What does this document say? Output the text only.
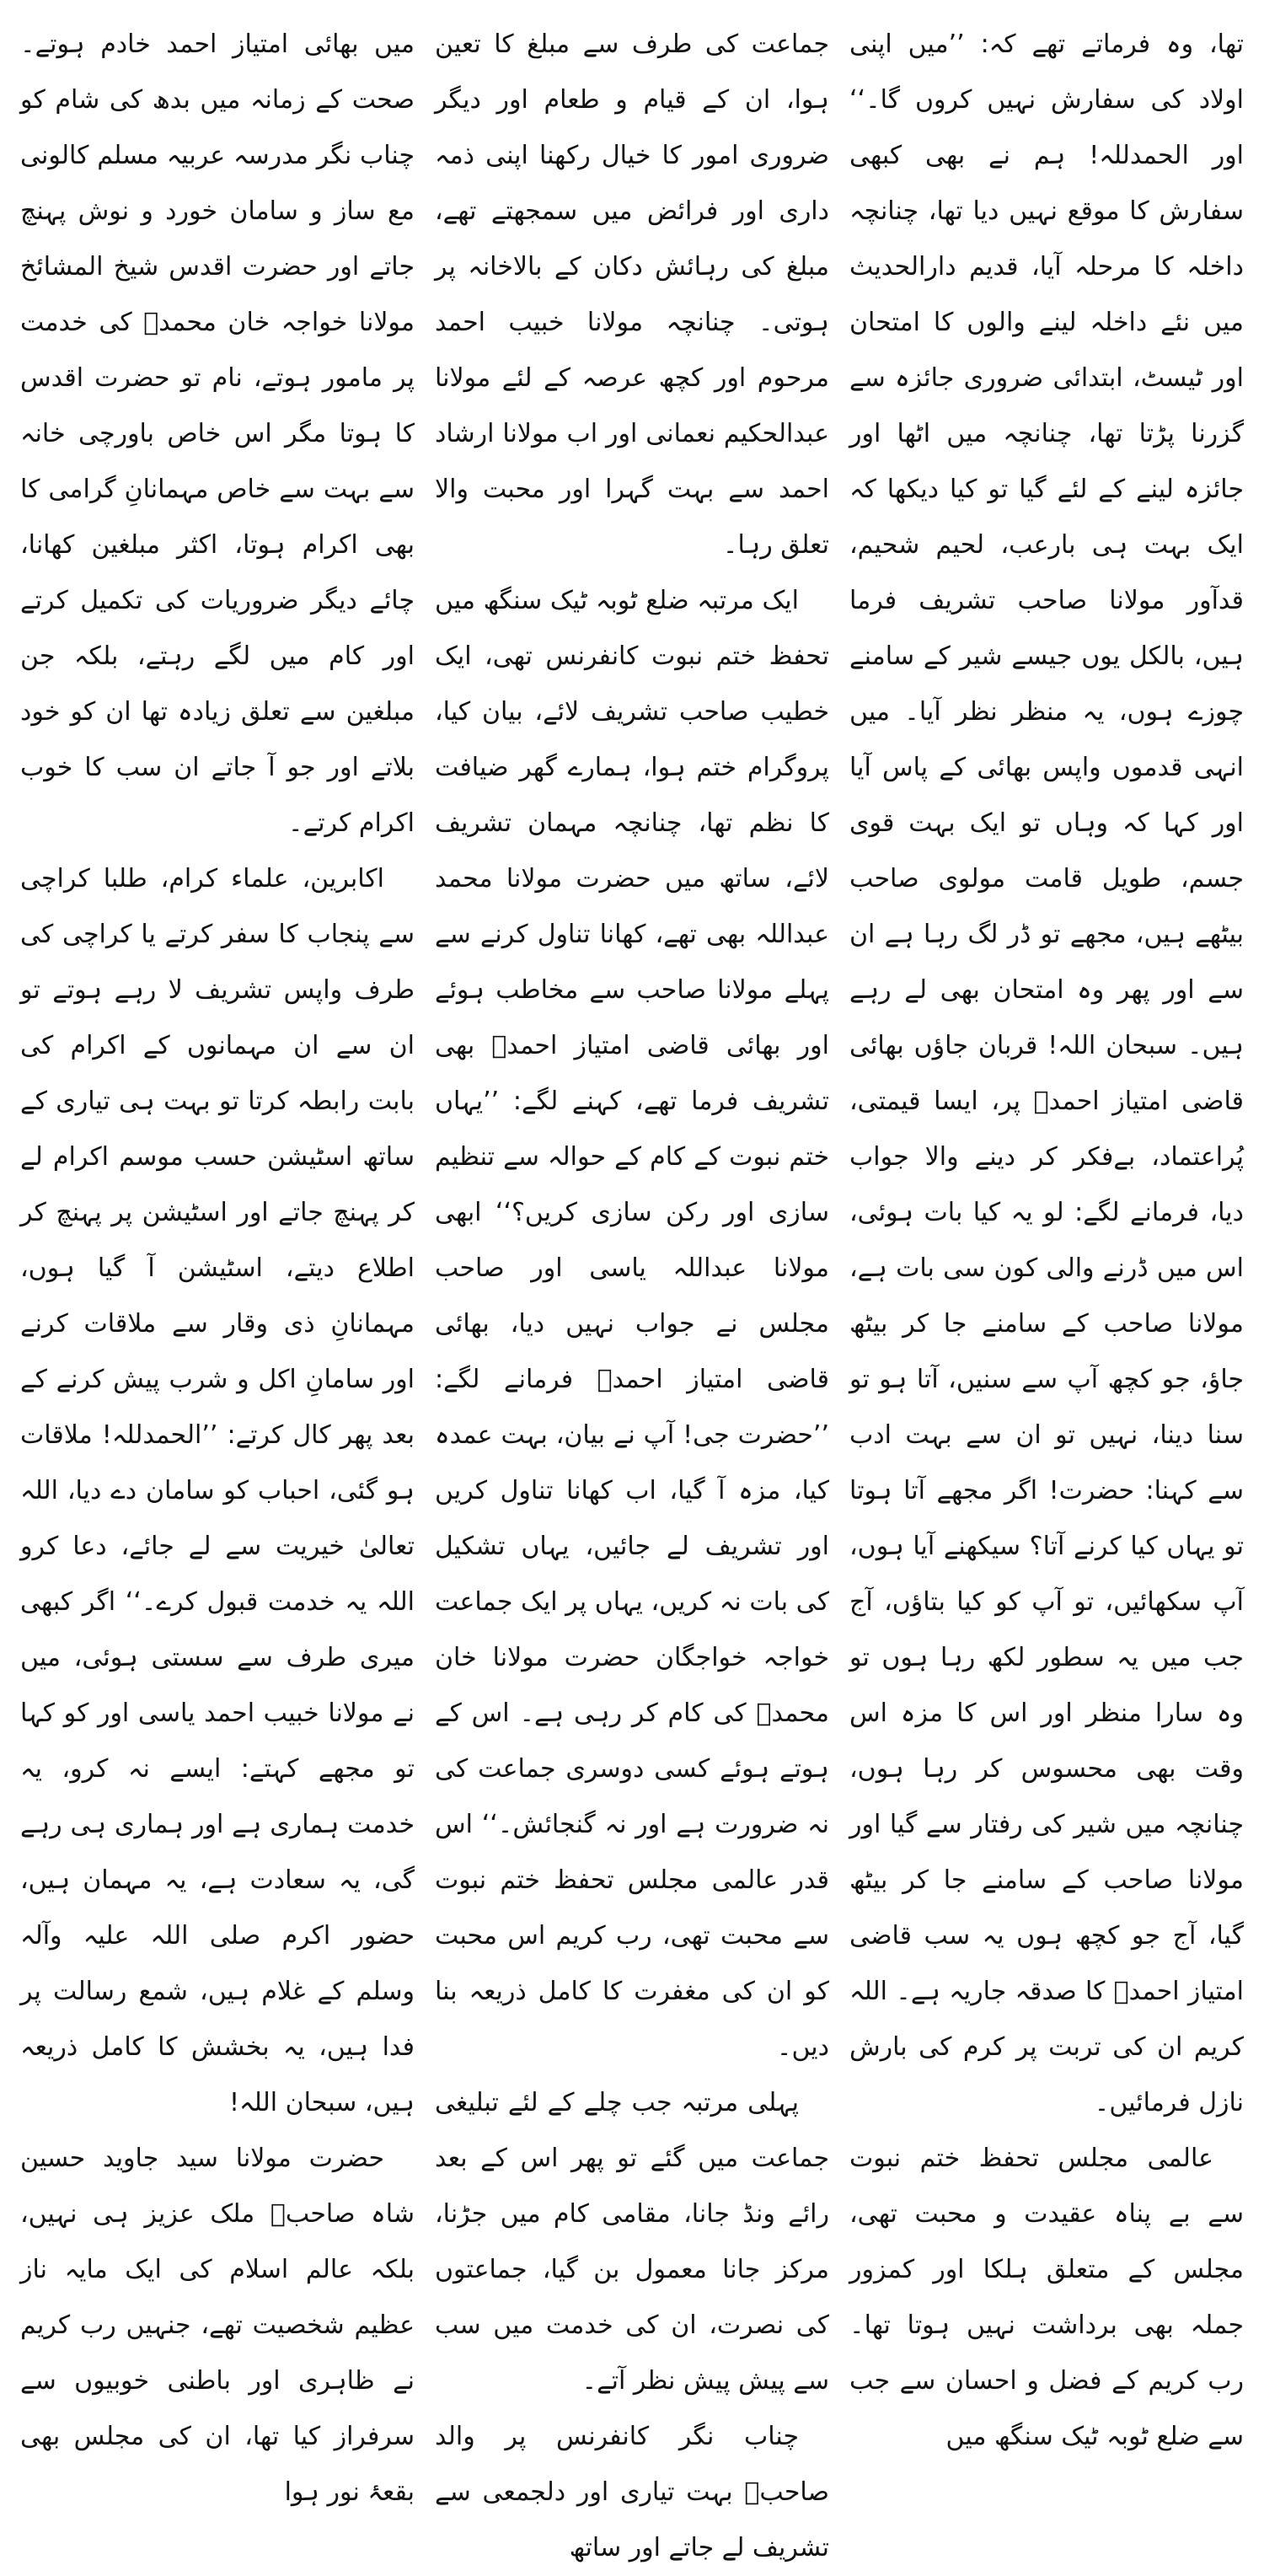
تھا، وہ فرماتے تھے کہ: ’’میں اپنی اولاد کی سفارش نہیں کروں گا۔‘‘ اور الحمدللہ! ہم نے بھی کبھی سفارش کا موقع نہیں دیا تھا، چنانچہ داخلہ کا مرحلہ آیا، قدیم دارالحدیث میں نئے داخلہ لینے والوں کا امتحان اور ٹیسٹ، ابتدائی ضروری جائزہ سے گزرنا پڑتا تھا، چنانچہ میں اٹھا اور جائزہ لینے کے لئے گیا تو کیا دیکھا کہ ایک بہت ہی بارعب، لحیم شحیم، قدآور مولانا صاحب تشریف فرما ہیں، بالکل یوں جیسے شیر کے سامنے چوزے ہوں، یہ منظر نظر آیا۔ میں انہی قدموں واپس بھائی کے پاس آیا اور کہا کہ وہاں تو ایک بہت قوی جسم، طویل قامت مولوی صاحب بیٹھے ہیں، مجھے تو ڈر لگ رہا ہے ان سے اور پھر وہ امتحان بھی لے رہے ہیں۔ سبحان اللہ! قربان جاؤں بھائی قاضی امتیاز احمدؒ پر، ایسا قیمتی، پُراعتماد، بےفکر کر دینے والا جواب دیا، فرمانے لگے: لو یہ کیا بات ہوئی، اس میں ڈرنے والی کون سی بات ہے، مولانا صاحب کے سامنے جا کر بیٹھ جاؤ، جو کچھ آپ سے سنیں، آتا ہو تو سنا دینا، نہیں تو ان سے بہت ادب سے کہنا: حضرت! اگر مجھے آتا ہوتا تو یہاں کیا کرنے آتا؟ سیکھنے آیا ہوں، آپ سکھائیں، تو آپ کو کیا بتاؤں، آج جب میں یہ سطور لکھ رہا ہوں تو وہ سارا منظر اور اس کا مزہ اس وقت بھی محسوس کر رہا ہوں، چنانچہ میں شیر کی رفتار سے گیا اور مولانا صاحب کے سامنے جا کر بیٹھ گیا، آج جو کچھ ہوں یہ سب قاضی امتیاز احمدؒ کا صدقہ جاریہ ہے۔ اللہ کریم ان کی تربت پر کرم کی بارش نازل فرمائیں۔

عالمی مجلس تحفظ ختم نبوت سے بے پناہ عقیدت و محبت تھی، مجلس کے متعلق ہلکا اور کمزور جملہ بھی برداشت نہیں ہوتا تھا۔ رب کریم کے فضل و احسان سے جب سے ضلع ٹوبہ ٹیک سنگھ میں

جماعت کی طرف سے مبلغ کا تعین ہوا، ان کے قیام و طعام اور دیگر ضروری امور کا خیال رکھنا اپنی ذمہ داری اور فرائض میں سمجھتے تھے، مبلغ کی رہائش دکان کے بالاخانہ پر ہوتی۔ چنانچہ مولانا خبیب احمد مرحوم اور کچھ عرصہ کے لئے مولانا عبدالحکیم نعمانی اور اب مولانا ارشاد احمد سے بہت گہرا اور محبت والا تعلق رہا۔

ایک مرتبہ ضلع ٹوبہ ٹیک سنگھ میں تحفظ ختم نبوت کانفرنس تھی، ایک خطیب صاحب تشریف لائے، بیان کیا، پروگرام ختم ہوا، ہمارے گھر ضیافت کا نظم تھا، چنانچہ مہمان تشریف لائے، ساتھ میں حضرت مولانا محمد عبداللہ بھی تھے، کھانا تناول کرنے سے پہلے مولانا صاحب سے مخاطب ہوئے اور بھائی قاضی امتیاز احمدؒ بھی تشریف فرما تھے، کہنے لگے: ’’یہاں ختم نبوت کے کام کے حوالہ سے تنظیم سازی اور رکن سازی کریں؟‘‘ ابھی مولانا عبداللہ یاسی اور صاحب مجلس نے جواب نہیں دیا، بھائی قاضی امتیاز احمدؒ فرمانے لگے: ’’حضرت جی! آپ نے بیان، بہت عمدہ کیا، مزہ آ گیا، اب کھانا تناول کریں اور تشریف لے جائیں، یہاں تشکیل کی بات نہ کریں، یہاں پر ایک جماعت خواجہ خواجگان حضرت مولانا خان محمدؒ کی کام کر رہی ہے۔ اس کے ہوتے ہوئے کسی دوسری جماعت کی نہ ضرورت ہے اور نہ گنجائش۔‘‘ اس قدر عالمی مجلس تحفظ ختم نبوت سے محبت تھی، رب کریم اس محبت کو ان کی مغفرت کا کامل ذریعہ بنا دیں۔

پہلی مرتبہ جب چلے کے لئے تبلیغی جماعت میں گئے تو پھر اس کے بعد رائے ونڈ جانا، مقامی کام میں جڑنا، مرکز جانا معمول بن گیا، جماعتوں کی نصرت، ان کی خدمت میں سب سے پیش پیش نظر آتے۔

چناب نگر کانفرنس پر والد صاحبؒ بہت تیاری اور دلجمعی سے تشریف لے جاتے اور ساتھ

میں بھائی امتیاز احمد خادم ہوتے۔ صحت کے زمانہ میں بدھ کی شام کو چناب نگر مدرسہ عربیہ مسلم کالونی مع ساز و سامان خورد و نوش پہنچ جاتے اور حضرت اقدس شیخ المشائخ مولانا خواجہ خان محمدؒ کی خدمت پر مامور ہوتے، نام تو حضرت اقدس کا ہوتا مگر اس خاص باورچی خانہ سے بہت سے خاص مہمانانِ گرامی کا بھی اکرام ہوتا، اکثر مبلغین کھانا، چائے دیگر ضروریات کی تکمیل کرتے اور کام میں لگے رہتے، بلکہ جن مبلغین سے تعلق زیادہ تھا ان کو خود بلاتے اور جو آ جاتے ان سب کا خوب اکرام کرتے۔

اکابرین، علماء کرام، طلبا کراچی سے پنجاب کا سفر کرتے یا کراچی کی طرف واپس تشریف لا رہے ہوتے تو ان سے ان مہمانوں کے اکرام کی بابت رابطہ کرتا تو بہت ہی تیاری کے ساتھ اسٹیشن حسب موسم اکرام لے کر پہنچ جاتے اور اسٹیشن پر پہنچ کر اطلاع دیتے، اسٹیشن آ گیا ہوں، مہمانانِ ذی وقار سے ملاقات کرنے اور سامانِ اکل و شرب پیش کرنے کے بعد پھر کال کرتے: ’’الحمدللہ! ملاقات ہو گئی، احباب کو سامان دے دیا، اللہ تعالیٰ خیریت سے لے جائے، دعا کرو اللہ یہ خدمت قبول کرے۔‘‘ اگر کبھی میری طرف سے سستی ہوئی، میں نے مولانا خبیب احمد یاسی اور کو کہا تو مجھے کہتے: ایسے نہ کرو، یہ خدمت ہماری ہے اور ہماری ہی رہے گی، یہ سعادت ہے، یہ مہمان ہیں، حضور اکرم صلی اللہ علیہ وآلہ وسلم کے غلام ہیں، شمع رسالت پر فدا ہیں، یہ بخشش کا کامل ذریعہ ہیں، سبحان اللہ!

حضرت مولانا سید جاوید حسین شاہ صاحبؒ ملک عزیز ہی نہیں، بلکہ عالم اسلام کی ایک مایہ ناز عظیم شخصیت تھے، جنہیں رب کریم نے ظاہری اور باطنی خوبیوں سے سرفراز کیا تھا، ان کی مجلس بھی بقعۂ نور ہوا
